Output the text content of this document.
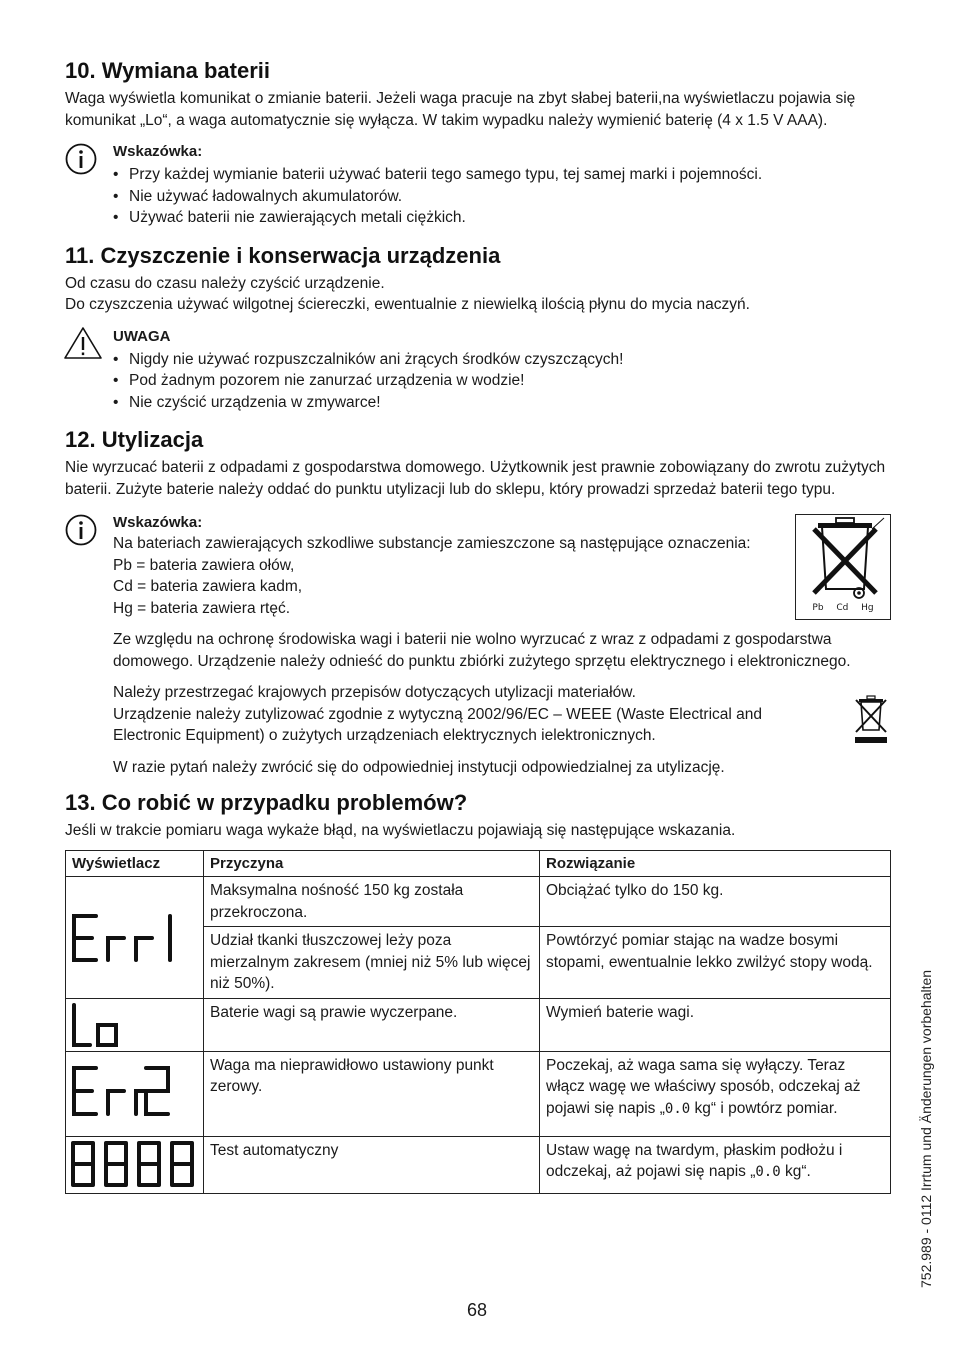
10. Wymiana baterii

Waga wyświetla komunikat o zmianie baterii. Jeżeli waga pracuje na zbyt słabej baterii,na wyświetlaczu pojawia się komunikat „Lo“, a waga automatycznie się wyłącza. W takim wypadku należy wymienić baterię (4 x 1.5 V AAA).

Wskazówka:
• Przy każdej wymianie baterii używać baterii tego samego typu, tej samej marki i pojemności.
• Nie używać ładowalnych akumulatorów.
• Używać baterii nie zawierających metali ciężkich.
11. Czyszczenie i konserwacja urządzenia

Od czasu do czasu należy czyścić urządzenie.

Do czyszczenia używać wilgotnej ściereczki, ewentualnie z niewielką ilością płynu do mycia naczyń.

UWAGA
• Nigdy nie używać rozpuszczalników ani żrących środków czyszczących!
• Pod żadnym pozorem nie zanurzać urządzenia w wodzie!
• Nie czyścić urządzenia w zmywarce!
12. Utylizacja

Nie wyrzucać baterii z odpadami z gospodarstwa domowego. Użytkownik jest prawnie zobowiązany do zwrotu zużytych baterii. Zużyte baterie należy oddać do punktu utylizacji lub do sklepu, który prowadzi sprzedaż baterii tego typu.

Wskazówka:

Na bateriach zawierających szkodliwe substancje zamieszczone są następujące oznaczenia:

Pb = bateria zawiera ołów,

Cd = bateria zawiera kadm,

Hg = bateria zawiera rtęć.	Pb Cd Hg

Ze względu na ochronę środowiska wagi i baterii nie wolno wyrzucać z wraz z odpadami z gospodarstwa domowego. Urządzenie należy odnieść do punktu zbiórki zużytego sprzętu elektrycznego i elektronicznego.

Należy przestrzegać krajowych przepisów dotyczących utylizacji materiałów.

Urządzenie należy zutylizować zgodnie z wytyczną 2002/96/EC – WEEE (Waste Electrical and Electronic Equipment) o zużytych urządzeniach elektrycznych ielektronicznych.

W razie pytań należy zwrócić się do odpowiedniej instytucji odpowiedzialnej za utylizację.

13. Co robić w przypadku problemów?

Jeśli w trakcie pomiaru waga wykaże błąd, na wyświetlaczu pojawiają się następujące wskazania.

Wyświetlacz	Przyczyna	Rozwiązanie

	Maksymalna nośność 150 kg została przekroczona.	Obciążać tylko do 150 kg.
	Udział tkanki tłuszczowej leży poza mierzalnym zakresem (mniej niż 5% lub więcej niż 50%).	Powtórzyć pomiar stając na wadze bosymi stopami, ewentualnie lekko zwilżyć stopy wodą.

	Baterie wagi są prawie wyczerpane.	Wymień baterie wagi.

	Waga ma nieprawidłowo ustawiony punkt zerowy.	Poczekaj, aż waga sama się wyłączy. Teraz włącz wagę we właściwy sposób, odczekaj aż pojawi się napis „0.0 kg“ i powtórz pomiar.

	Test automatyczny	Ustaw wagę na twardym, płaskim podłożu i odczekaj, aż pojawi się napis „0.0 kg“.
68
752.989 - 0112 Irrtum und Änderungen vorbehalten
